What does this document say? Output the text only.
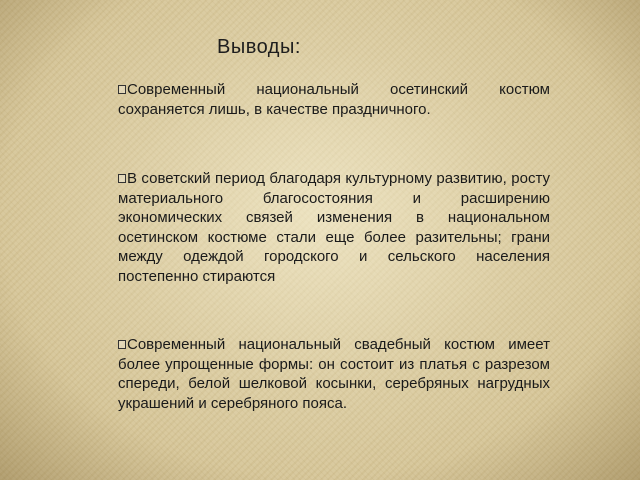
Выводы:

Современный национальный осетинский костюм сохраняется лишь, в качестве праздничного.

В советский период благодаря культурному развитию, росту материального благосостояния и расширению экономических связей изменения в национальном осетинском костюме стали еще более разительны; грани между одеждой городского и сельского населения постепенно стираются

Современный национальный свадебный костюм имеет более упрощенные формы: он состоит из платья с разрезом спереди, белой шелковой косынки, серебряных нагрудных украшений и серебряного пояса.
